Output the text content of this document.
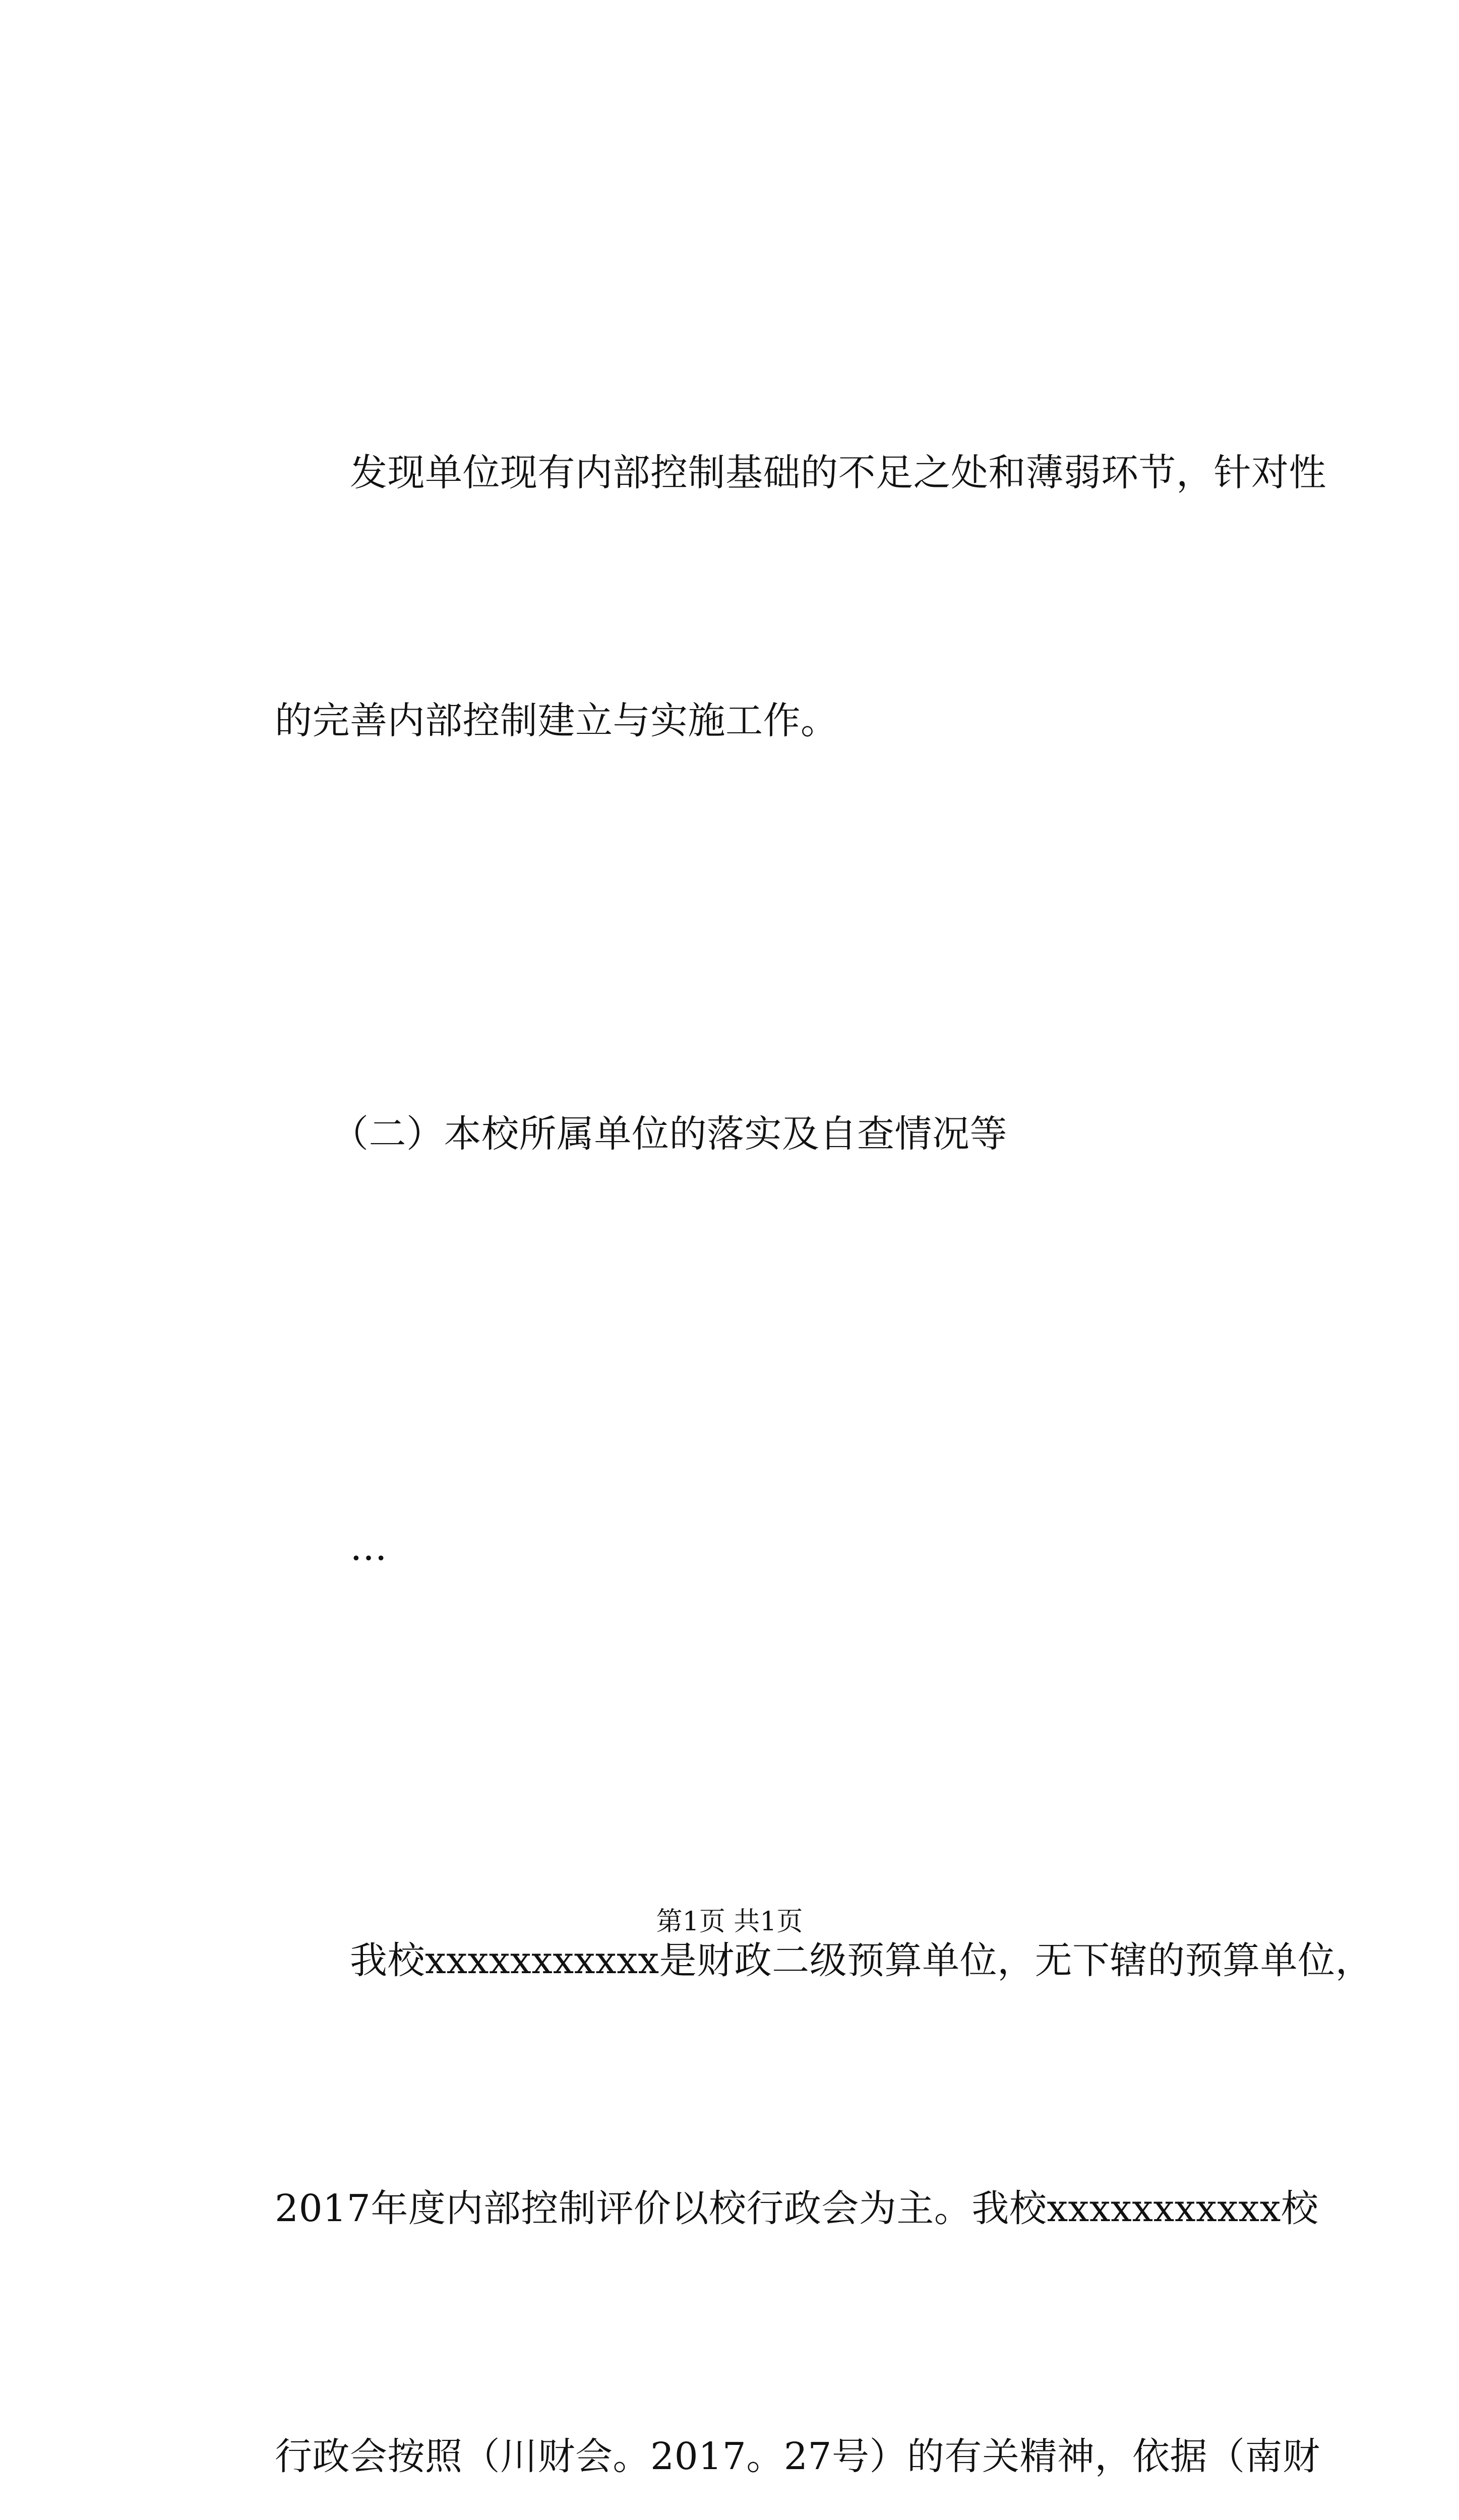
　　发现单位现有内部控制基础的不足之处和薄弱环节，针对性

的完善内部控制建立与实施工作。

　　（二）本校所属单位的落实及自查情况等

　　…

　　我校xxxxxxxxxxx是财政二级预算单位，无下辖的预算单位，

2017年度内部控制评价以校行政会为主。我校xxxxxxxxxxx校

行政会按照（川财会。2017。27号）的有关精神，依据（南财

第1页 共1页
